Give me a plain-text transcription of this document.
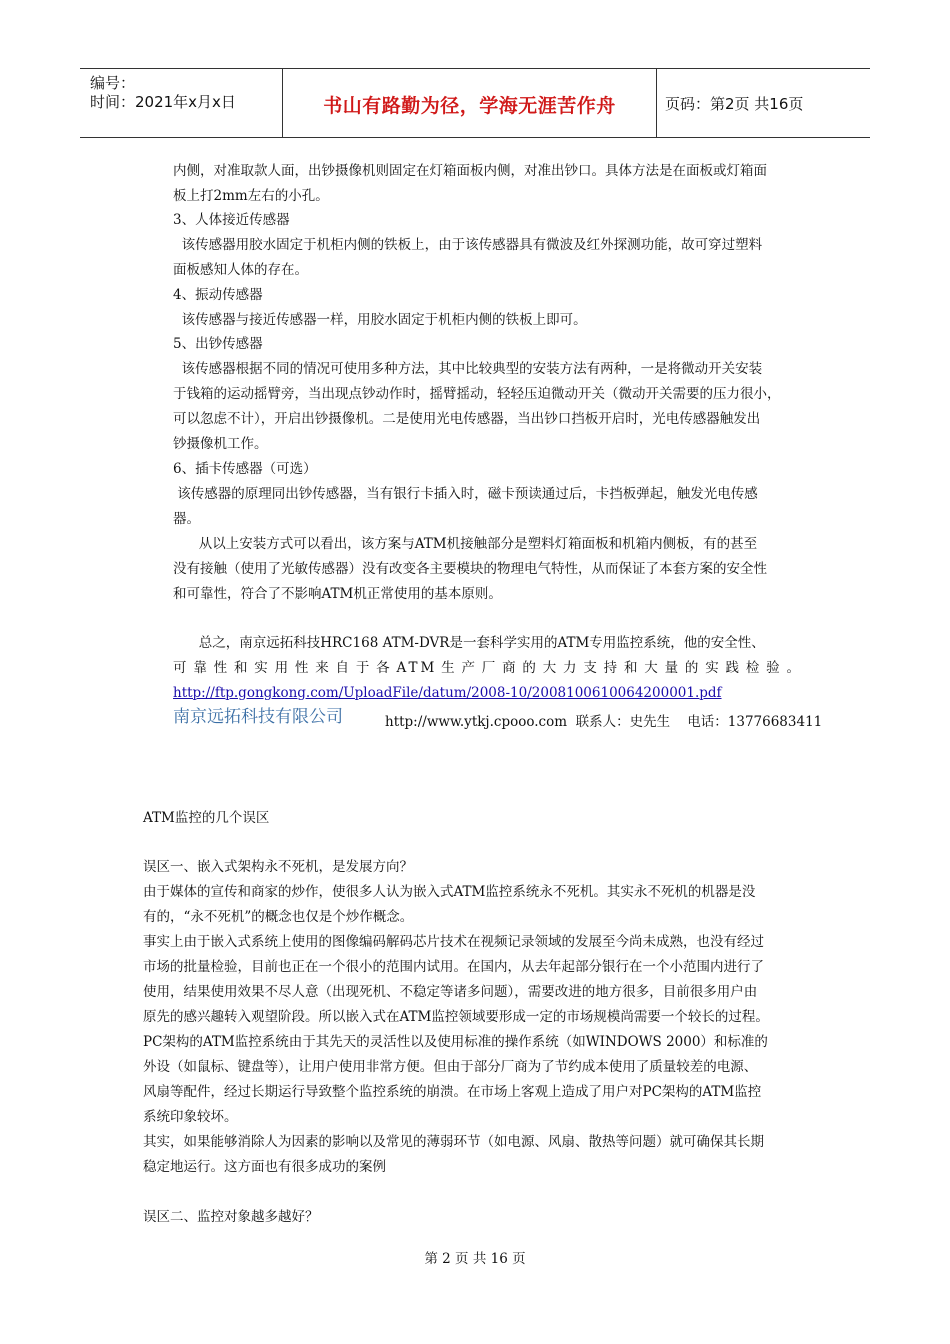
编号：
时间：2021年x月x日	书山有路勤为径，学海无涯苦作舟	页码：第2页 共16页
内侧，对准取款人面，出钞摄像机则固定在灯箱面板内侧，对准出钞口。具体方法是在面板或灯箱面
板上打2mm左右的小孔。
3、人体接近传感器
该传感器用胶水固定于机柜内侧的铁板上，由于该传感器具有微波及红外探测功能，故可穿过塑料
面板感知人体的存在。
4、振动传感器
该传感器与接近传感器一样，用胶水固定于机柜内侧的铁板上即可。
5、出钞传感器
该传感器根据不同的情况可使用多种方法，其中比较典型的安装方法有两种，一是将微动开关安装
于钱箱的运动摇臂旁，当出现点钞动作时，摇臂摇动，轻轻压迫微动开关（微动开关需要的压力很小，
可以忽虑不计），开启出钞摄像机。二是使用光电传感器，当出钞口挡板开启时，光电传感器触发出
钞摄像机工作。
6、插卡传感器（可选）
该传感器的原理同出钞传感器，当有银行卡插入时，磁卡预读通过后，卡挡板弹起，触发光电传感
器。
从以上安装方式可以看出，该方案与ATM机接触部分是塑料灯箱面板和机箱内侧板，有的甚至
没有接触（使用了光敏传感器）没有改变各主要模块的物理电气特性，从而保证了本套方案的安全性
和可靠性，符合了不影响ATM机正常使用的基本原则。
总之，南京远拓科技HRC168 ATM-DVR是一套科学实用的ATM专用监控系统，他的安全性、
可靠性和实用性来自于各ATM生产厂商的大力支持和大量的实践检验。
http://ftp.gongkong.com/UploadFile/datum/2008-10/2008100610064200001.pdf
南京远拓科技有限公司	http://www.ytkj.cpooo.com  联系人：史先生    电话：13776683411
ATM监控的几个误区
误区一、嵌入式架构永不死机，是发展方向？
由于媒体的宣传和商家的炒作，使很多人认为嵌入式ATM监控系统永不死机。其实永不死机的机器是没
有的，“永不死机”的概念也仅是个炒作概念。
事实上由于嵌入式系统上使用的图像编码解码芯片技术在视频记录领域的发展至今尚未成熟，也没有经过
市场的批量检验，目前也正在一个很小的范围内试用。在国内，从去年起部分银行在一个小范围内进行了
使用，结果使用效果不尽人意（出现死机、不稳定等诸多问题），需要改进的地方很多，目前很多用户由
原先的感兴趣转入观望阶段。所以嵌入式在ATM监控领域要形成一定的市场规模尚需要一个较长的过程。
PC架构的ATM监控系统由于其先天的灵活性以及使用标准的操作系统（如WINDOWS 2000）和标准的
外设（如鼠标、键盘等），让用户使用非常方便。但由于部分厂商为了节约成本使用了质量较差的电源、
风扇等配件，经过长期运行导致整个监控系统的崩溃。在市场上客观上造成了用户对PC架构的ATM监控
系统印象较坏。
其实，如果能够消除人为因素的影响以及常见的薄弱环节（如电源、风扇、散热等问题）就可确保其长期
稳定地运行。这方面也有很多成功的案例
误区二、监控对象越多越好？
第 2 页 共 16 页
